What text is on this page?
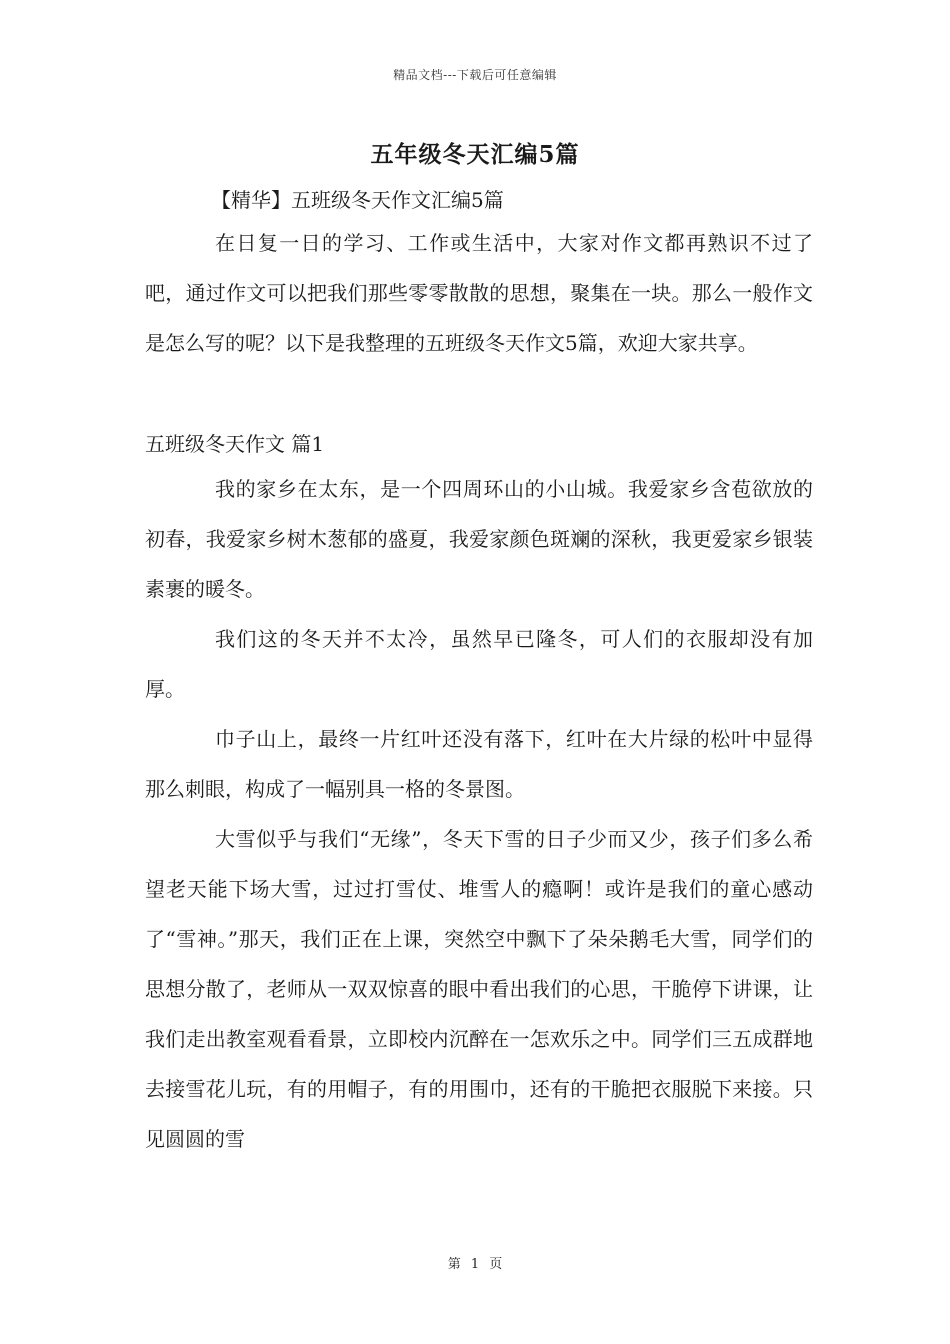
精品文档---下载后可任意编辑
五年级冬天汇编5篇

【精华】五班级冬天作文汇编5篇

在日复一日的学习、工作或生活中，大家对作文都再熟识不过了吧，通过作文可以把我们那些零零散散的思想，聚集在一块。那么一般作文是怎么写的呢？以下是我整理的五班级冬天作文5篇，欢迎大家共享。

五班级冬天作文 篇1

我的家乡在太东，是一个四周环山的小山城。我爱家乡含苞欲放的初春，我爱家乡树木葱郁的盛夏，我爱家颜色斑斓的深秋，我更爱家乡银装素裹的暖冬。

我们这的冬天并不太冷，虽然早已隆冬，可人们的衣服却没有加厚。

巾子山上，最终一片红叶还没有落下，红叶在大片绿的松叶中显得那么刺眼，构成了一幅别具一格的冬景图。

大雪似乎与我们“无缘”，冬天下雪的日子少而又少，孩子们多么希望老天能下场大雪，过过打雪仗、堆雪人的瘾啊！或许是我们的童心感动了“雪神。”那天，我们正在上课，突然空中飘下了朵朵鹅毛大雪，同学们的思想分散了，老师从一双双惊喜的眼中看出我们的心思，干脆停下讲课，让我们走出教室观看看景，立即校内沉醉在一怎欢乐之中。同学们三五成群地去接雪花儿玩，有的用帽子，有的用围巾，还有的干脆把衣服脱下来接。只见圆圆的雪

第 1 页
